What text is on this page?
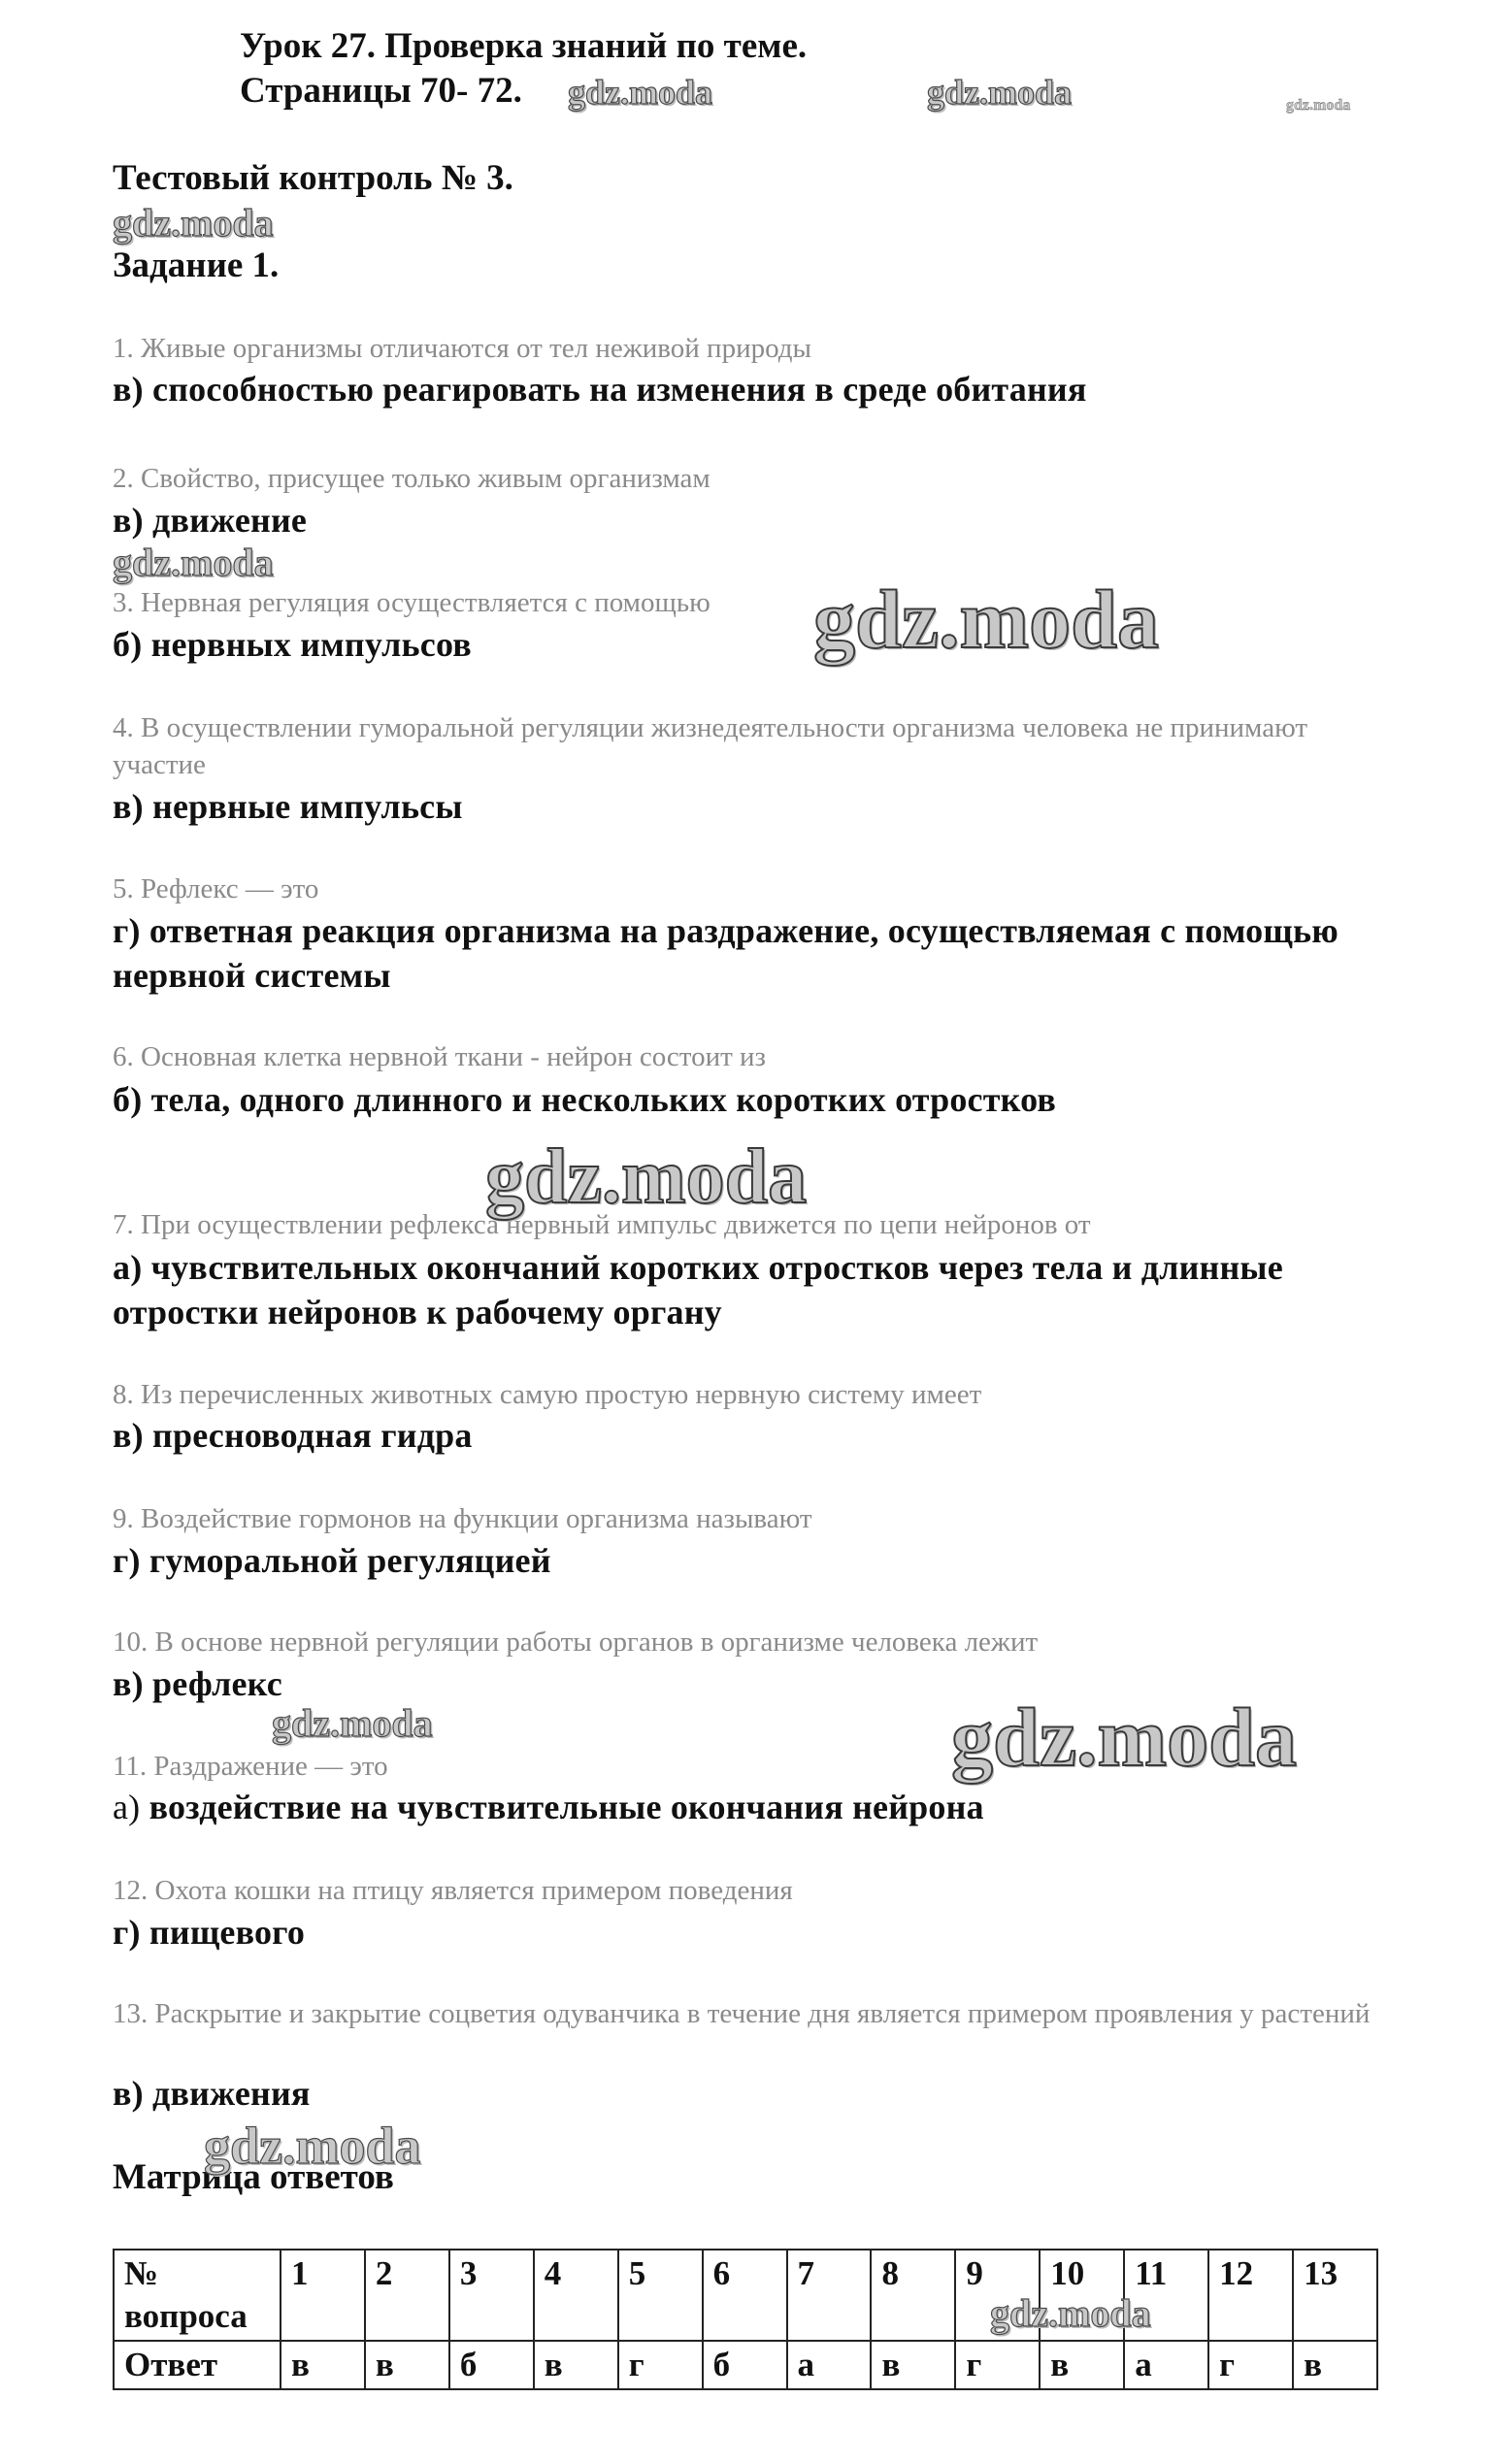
Урок 27. Проверка знаний по теме.
Страницы 70- 72.
Тестовый контроль № 3.
Задание 1.
1. Живые организмы отличаются от тел неживой природы
в) способностью реагировать на изменения в среде обитания
2. Свойство, присущее только живым организмам
в) движение
3. Нервная регуляция осуществляется с помощью
б) нервных импульсов
4. В осуществлении гуморальной регуляции жизнедеятельности организма человека не принимают участие
в) нервные импульсы
5. Рефлекс — это
г) ответная реакция организма на раздражение, осуществляемая с помощью нервной системы
6. Основная клетка нервной ткани - нейрон состоит из
б) тела, одного длинного и нескольких коротких отростков
7. При осуществлении рефлекса нервный импульс движется по цепи нейронов от
а) чувствительных окончаний коротких отростков через тела и длинные отростки нейронов к рабочему органу
8. Из перечисленных животных самую простую нервную систему имеет
в) пресноводная гидра
9. Воздействие гормонов на функции организма называют
г) гуморальной регуляцией
10. В основе нервной регуляции работы органов в организме человека лежит
в) рефлекс
11. Раздражение — это
а) воздействие на чувствительные окончания нейрона
12. Охота кошки на птицу является примером поведения
г) пищевого
13. Раскрытие и закрытие соцветия одуванчика в течение дня является примером проявления у растений
в) движения
Матрица ответов
№ вопроса	1	2	3	4	5	6	7	8	9	10	11	12	13
Ответ	в	в	б	в	г	б	а	в	г	в	а	г	в
gdz.moda	gdz.moda	gdz.moda
gdz.moda
gdz.moda
gdz.moda
gdz.moda
gdz.moda	gdz.moda
gdz.moda
gdz.moda
